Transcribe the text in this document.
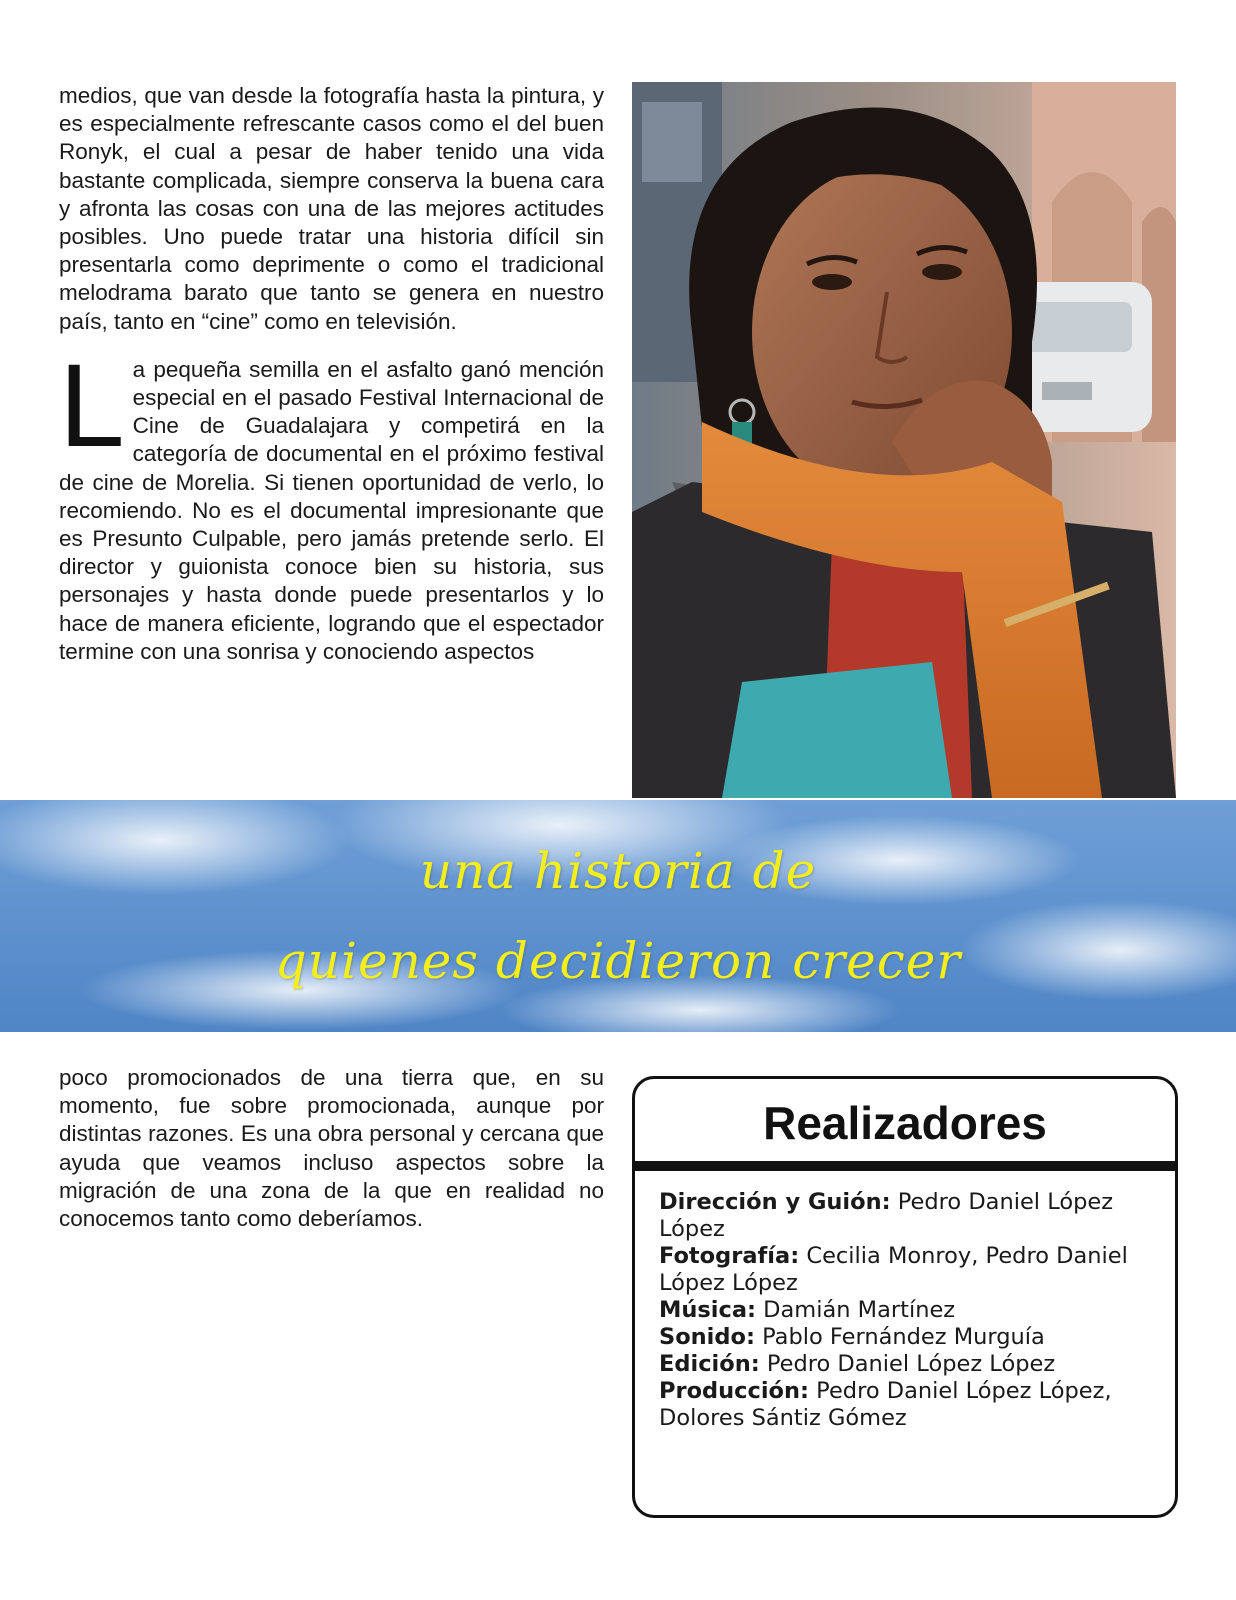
medios, que van desde la fotografía hasta la pintura, y es especialmente refrescante casos como el del buen Ronyk, el cual a pesar de haber tenido una vida bastante complicada, siempre conserva la buena cara y afronta las cosas con una de las mejores actitudes posibles. Uno puede tratar una historia difícil sin presentarla como deprimente o como el tradicional melodrama barato que tanto se genera en nuestro país, tanto en “cine” como en televisión.

La pequeña semilla en el asfalto ganó mención especial en el pasado Festival Internacional de Cine de Guadalajara y competirá en la categoría de documental en el próximo festival de cine de Morelia. Si tienen oportunidad de verlo, lo recomiendo. No es el documental impresionante que es Presunto Culpable, pero jamás pretende serlo. El director y guionista conoce bien su historia, sus personajes y hasta donde puede presentarlos y lo hace de manera eficiente, logrando que el espectador termine con una sonrisa y conociendo aspectos

una historia de
quienes decidieron crecer

poco promocionados de una tierra que, en su momento, fue sobre promocionada, aunque por distintas razones. Es una obra personal y cercana que ayuda que veamos incluso aspectos sobre la migración de una zona de la que en realidad no conocemos tanto como deberíamos.

Realizadores

Dirección y Guión: Pedro Daniel López López

Fotografía: Cecilia Monroy, Pedro Daniel López López

Música: Damián Martínez

Sonido: Pablo Fernández Murguía

Edición: Pedro Daniel López López

Producción: Pedro Daniel López López, Dolores Sántiz Gómez
